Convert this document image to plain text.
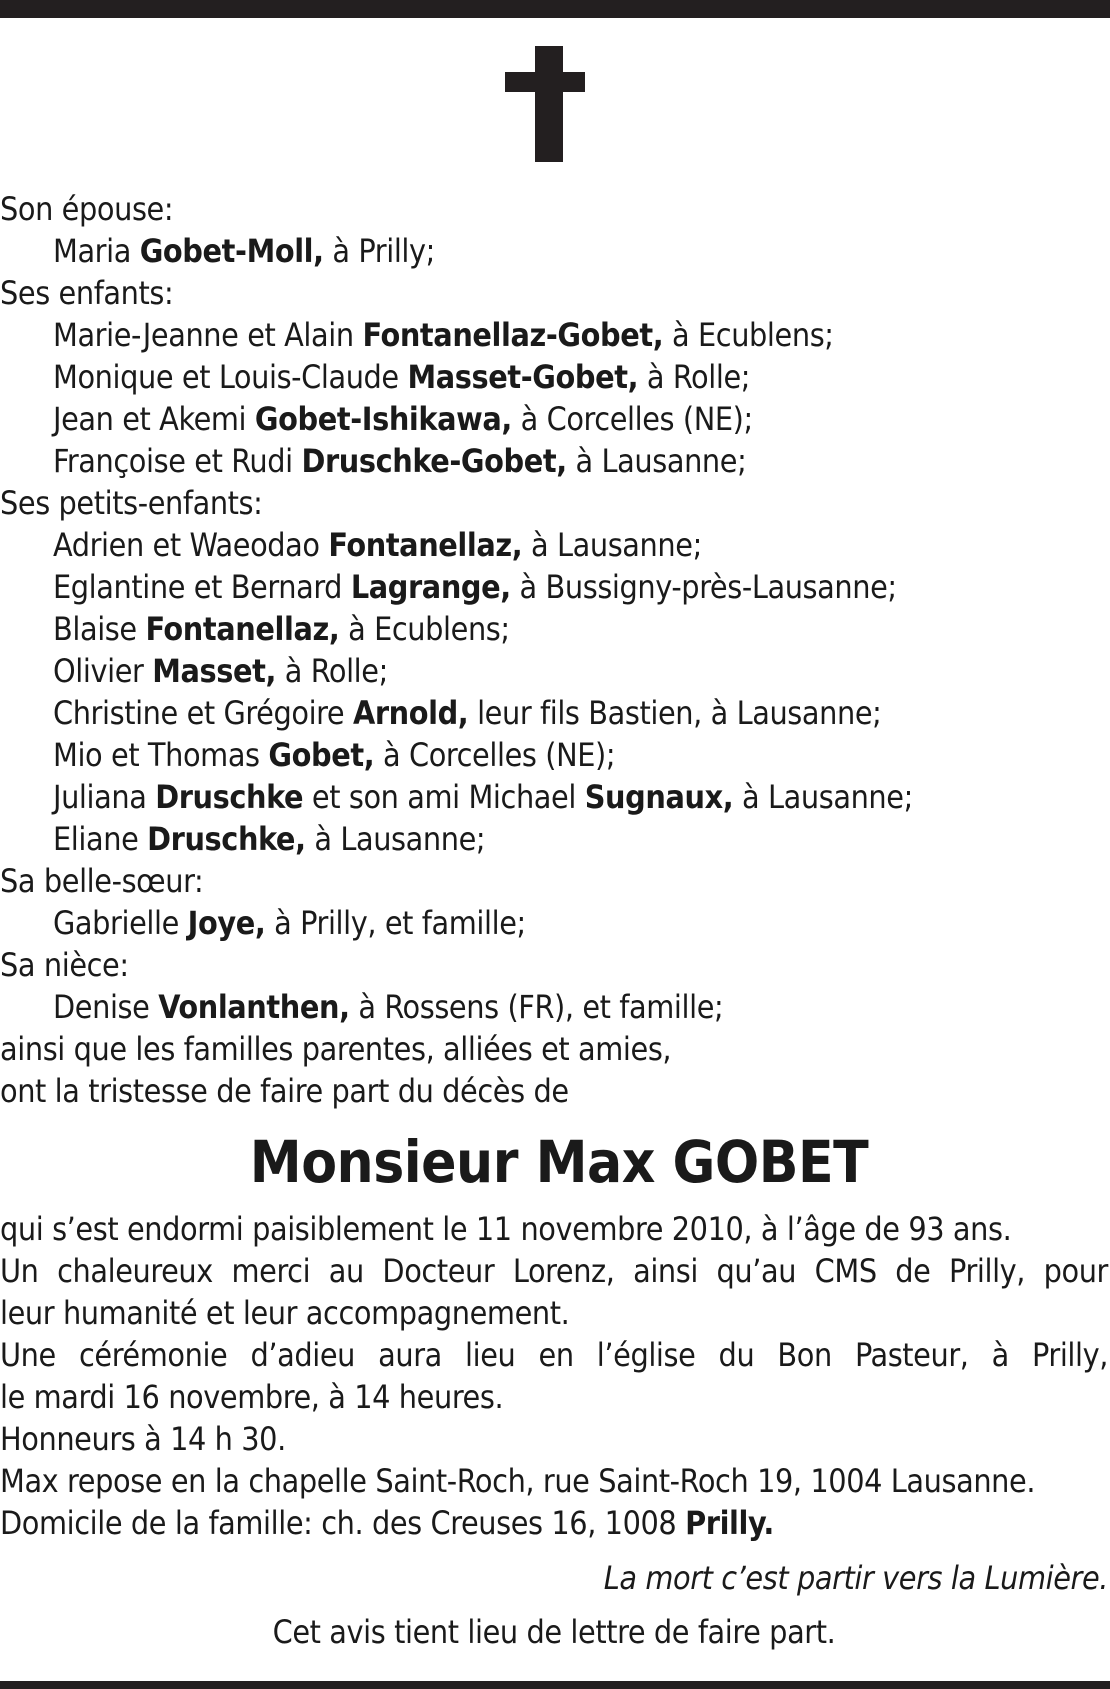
Son épouse:
Maria Gobet-Moll, à Prilly;
Ses enfants:
Marie-Jeanne et Alain Fontanellaz-Gobet, à Ecublens;
Monique et Louis-Claude Masset-Gobet, à Rolle;
Jean et Akemi Gobet-Ishikawa, à Corcelles (NE);
Françoise et Rudi Druschke-Gobet, à Lausanne;
Ses petits-enfants:
Adrien et Waeodao Fontanellaz, à Lausanne;
Eglantine et Bernard Lagrange, à Bussigny-près-Lausanne;
Blaise Fontanellaz, à Ecublens;
Olivier Masset, à Rolle;
Christine et Grégoire Arnold, leur fils Bastien, à Lausanne;
Mio et Thomas Gobet, à Corcelles (NE);
Juliana Druschke et son ami Michael Sugnaux, à Lausanne;
Eliane Druschke, à Lausanne;
Sa belle-sœur:
Gabrielle Joye, à Prilly, et famille;
Sa nièce:
Denise Vonlanthen, à Rossens (FR), et famille;
ainsi que les familles parentes, alliées et amies,
ont la tristesse de faire part du décès de
Monsieur Max GOBET
qui s’est endormi paisiblement le 11 novembre 2010, à l’âge de 93 ans.
Un chaleureux merci au Docteur Lorenz, ainsi qu’au CMS de Prilly, pour
leur humanité et leur accompagnement.
Une cérémonie d’adieu aura lieu en l’église du Bon Pasteur, à Prilly,
le mardi 16 novembre, à 14 heures.
Honneurs à 14 h 30.
Max repose en la chapelle Saint-Roch, rue Saint-Roch 19, 1004 Lausanne.
Domicile de la famille: ch. des Creuses 16, 1008 Prilly.
La mort c’est partir vers la Lumière.
Cet avis tient lieu de lettre de faire part.
